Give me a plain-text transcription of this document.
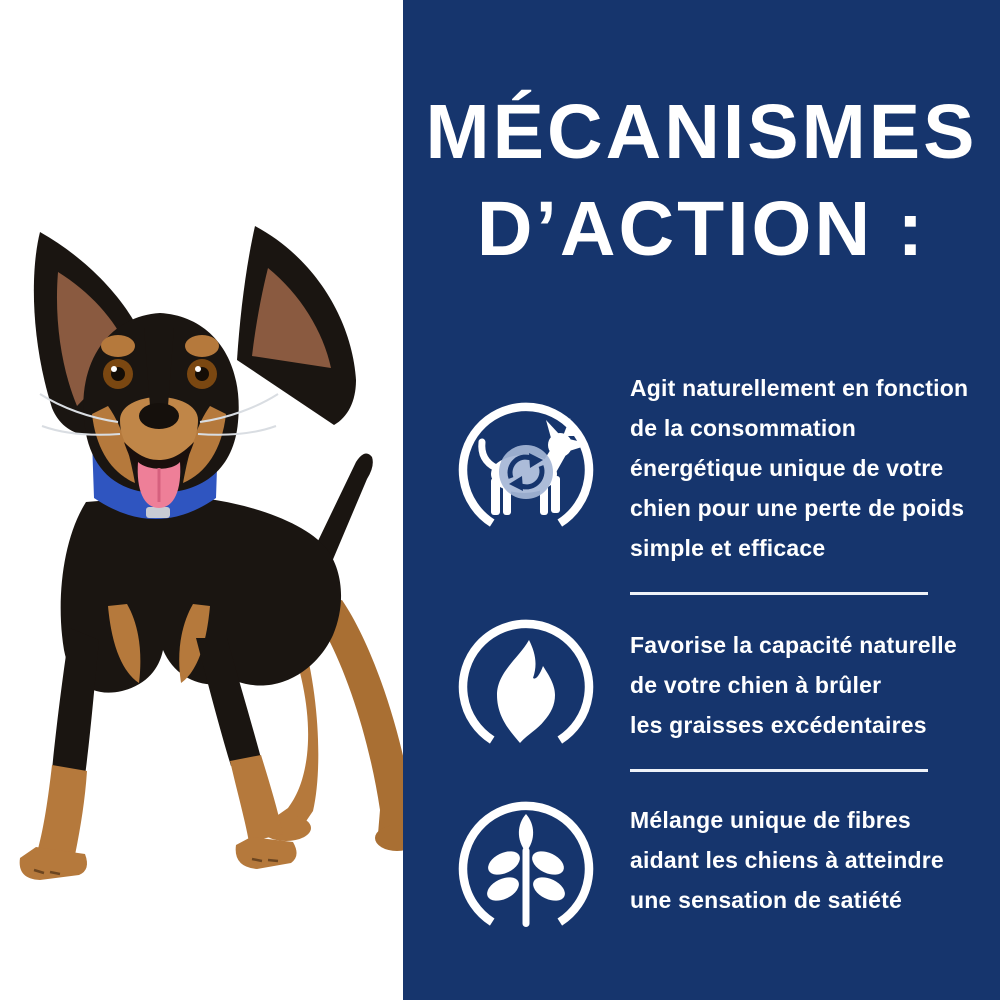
MÉCANISMES
D’ACTION :
Agit naturellement en fonction
de la consommation
énergétique unique de votre
chien pour une perte de poids
simple et efficace
Favorise la capacité naturelle
de votre chien à brûler
les graisses excédentaires
Mélange unique de fibres
aidant les chiens à atteindre
une sensation de satiété
